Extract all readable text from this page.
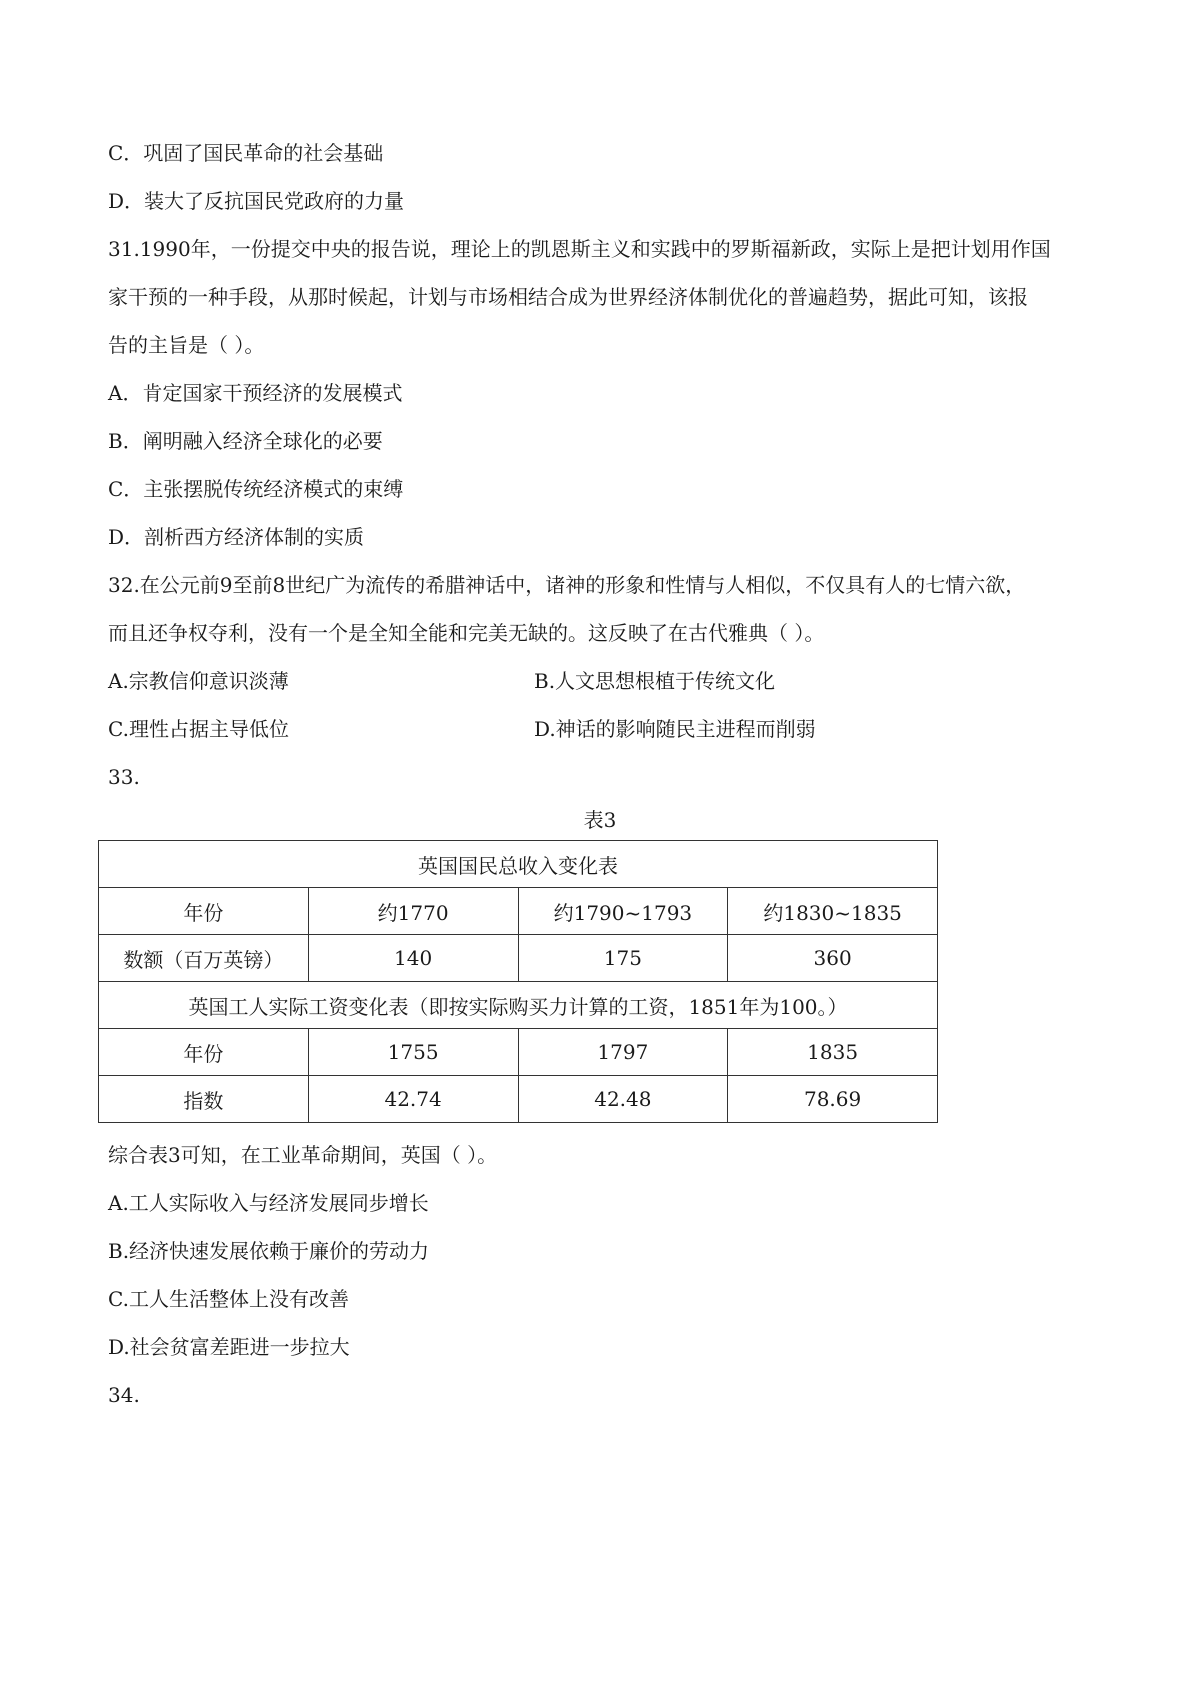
C．巩固了国民革命的社会基础
D．装大了反抗国民党政府的力量
31.1990年，一份提交中央的报告说，理论上的凯恩斯主义和实践中的罗斯福新政，实际上是把计划用作国
家干预的一种手段，从那时候起，计划与市场相结合成为世界经济体制优化的普遍趋势，据此可知，该报
告的主旨是（ ）。
A．肯定国家干预经济的发展模式
B．阐明融入经济全球化的必要
C．主张摆脱传统经济模式的束缚
D．剖析西方经济体制的实质
32.在公元前9至前8世纪广为流传的希腊神话中，诸神的形象和性情与人相似，不仅具有人的七情六欲，
而且还争权夺利，没有一个是全知全能和完美无缺的。这反映了在古代雅典（ ）。
A.宗教信仰意识淡薄	B.人文思想根植于传统文化
C.理性占据主导低位	D.神话的影响随民主进程而削弱
33.
表3
英国国民总收入变化表			
年份	约1770	约1790~1793	约1830~1835
数额（百万英镑）	140	175	360
英国工人实际工资变化表（即按实际购买力计算的工资，1851年为100。）			
年份	1755	1797	1835
指数	42.74	42.48	78.69
综合表3可知，在工业革命期间，英国（ ）。
A.工人实际收入与经济发展同步增长
B.经济快速发展依赖于廉价的劳动力
C.工人生活整体上没有改善
D.社会贫富差距进一步拉大
34.
